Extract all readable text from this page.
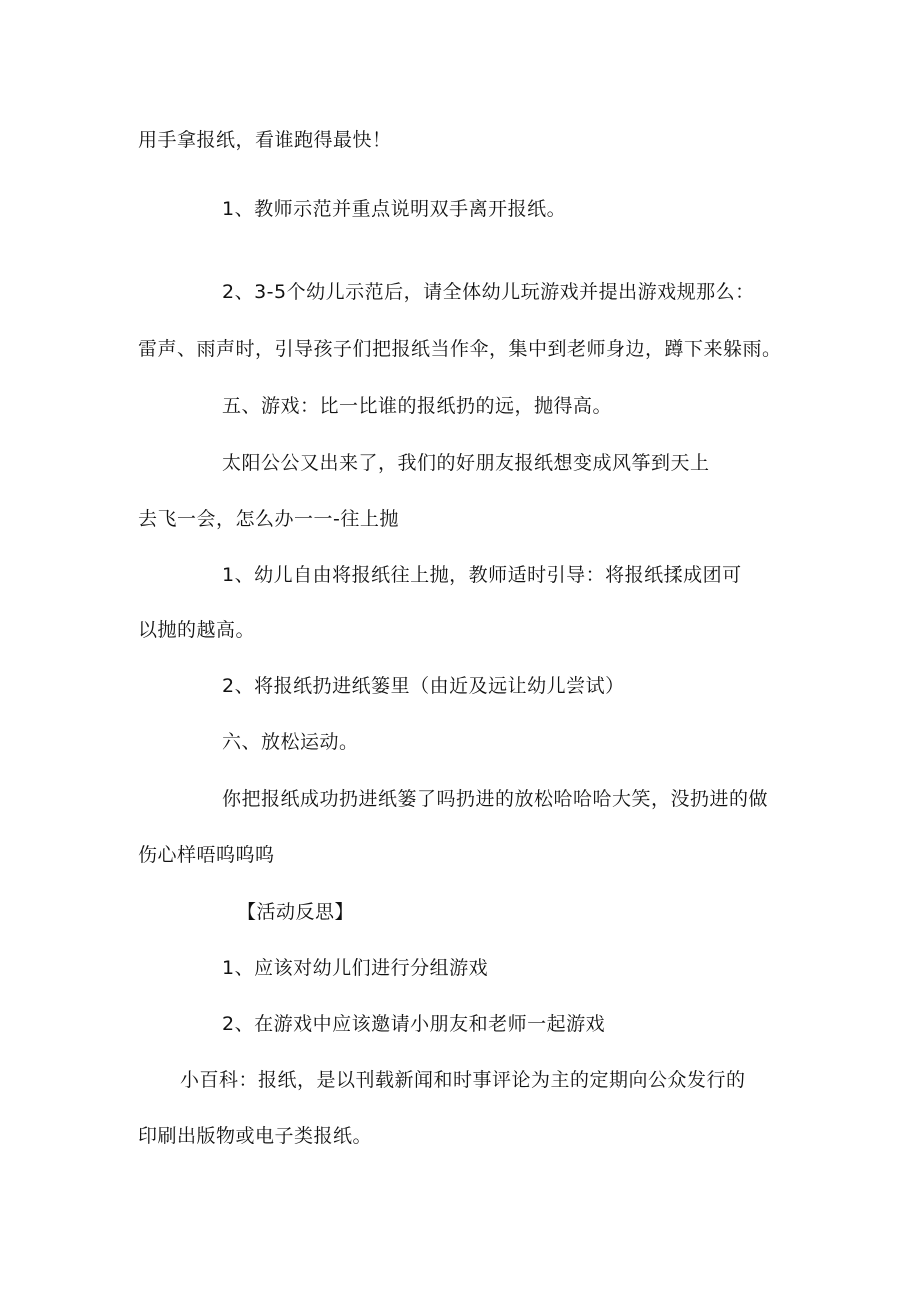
用手拿报纸，看谁跑得最快！

1、教师示范并重点说明双手离开报纸。

2、3-5个幼儿示范后，请全体幼儿玩游戏并提出游戏规那么：

雷声、雨声时，引导孩子们把报纸当作伞，集中到老师身边，蹲下来躲雨。

五、游戏：比一比谁的报纸扔的远，抛得高。

太阳公公又出来了，我们的好朋友报纸想变成风筝到天上

去飞一会，怎么办一一-往上抛

1、幼儿自由将报纸往上抛，教师适时引导：将报纸揉成团可

以抛的越高。

2、将报纸扔进纸篓里（由近及远让幼儿尝试）

六、放松运动。

你把报纸成功扔进纸篓了吗扔进的放松哈哈哈大笑，没扔进的做

伤心样唔呜呜呜

【活动反思】

1、应该对幼儿们进行分组游戏

2、在游戏中应该邀请小朋友和老师一起游戏

小百科：报纸，是以刊载新闻和时事评论为主的定期向公众发行的

印刷出版物或电子类报纸。
